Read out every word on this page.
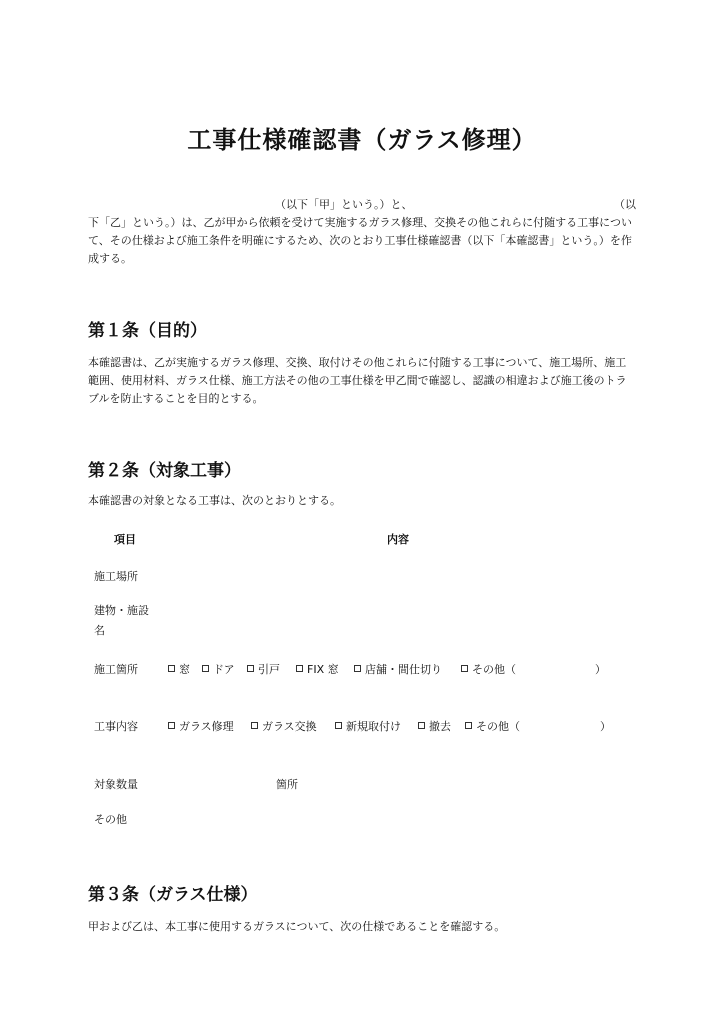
工事仕様確認書（ガラス修理）
（以下「甲」という。）と、	（以
下「乙」という。）は、乙が甲から依頼を受けて実施するガラス修理、交換その他これらに付随する工事について、その仕様および施工条件を明確にするため、次のとおり工事仕様確認書（以下「本確認書」という。）を作成する。
第１条（目的）
本確認書は、乙が実施するガラス修理、交換、取付けその他これらに付随する工事について、施工場所、施工範囲、使用材料、ガラス仕様、施工方法その他の工事仕様を甲乙間で確認し、認識の相違および施工後のトラブルを防止することを目的とする。
第２条（対象工事）
本確認書の対象となる工事は、次のとおりとする。
項目	内容
施工場所
建物・施設
名
施工箇所	窓	ドア	引戸	FIX 窓	店舗・間仕切り	その他（	）
工事内容	ガラス修理	ガラス交換	新規取付け	撤去	その他（	）
対象数量	箇所
その他
第３条（ガラス仕様）
甲および乙は、本工事に使用するガラスについて、次の仕様であることを確認する。
